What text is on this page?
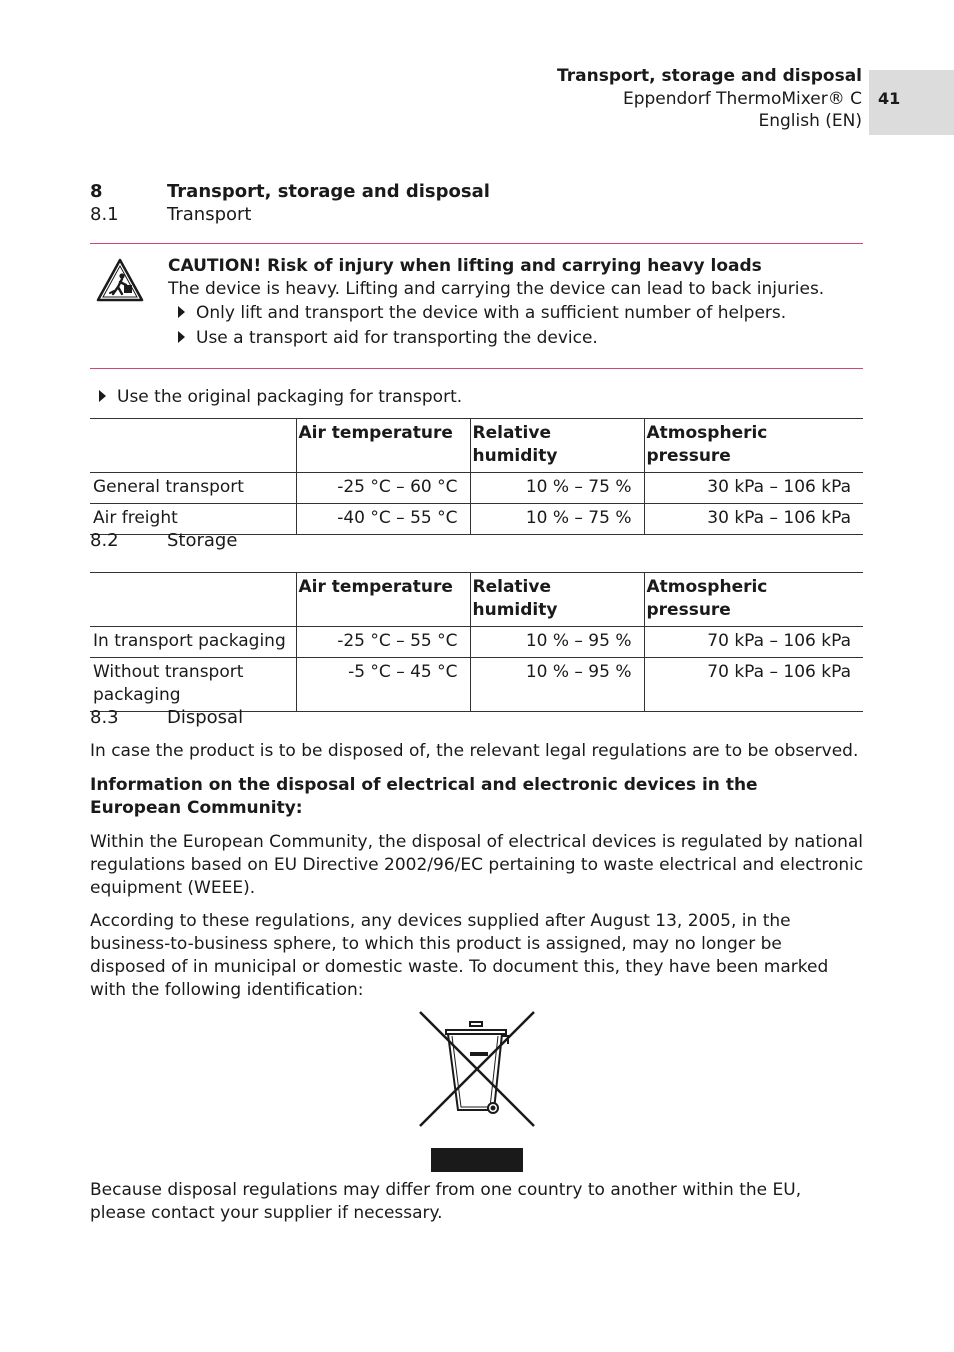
Transport, storage and disposal
Eppendorf ThermoMixer® C
English (EN)
41
8	Transport, storage and disposal
8.1	Transport
CAUTION! Risk of injury when lifting and carrying heavy loads
The device is heavy. Lifting and carrying the device can lead to back injuries.
Only lift and transport the device with a sufficient number of helpers.
Use a transport aid for transporting the device.
Use the original packaging for transport.
	Air temperature	Relative humidity	Atmospheric pressure
General transport	-25 °C – 60 °C	10 % – 75 %	30 kPa – 106 kPa
Air freight	-40 °C – 55 °C	10 % – 75 %	30 kPa – 106 kPa
8.2	Storage
	Air temperature	Relative humidity	Atmospheric pressure
In transport packaging	-25 °C – 55 °C	10 % – 95 %	70 kPa – 106 kPa
Without transport packaging	-5 °C – 45 °C	10 % – 95 %	70 kPa – 106 kPa
8.3	Disposal
In case the product is to be disposed of, the relevant legal regulations are to be observed.
Information on the disposal of electrical and electronic devices in the European Community:
Within the European Community, the disposal of electrical devices is regulated by national regulations based on EU Directive 2002/96/EC pertaining to waste electrical and electronic equipment (WEEE).
According to these regulations, any devices supplied after August 13, 2005, in the business-to-business sphere, to which this product is assigned, may no longer be disposed of in municipal or domestic waste. To document this, they have been marked with the following identification:
Because disposal regulations may differ from one country to another within the EU, please contact your supplier if necessary.
